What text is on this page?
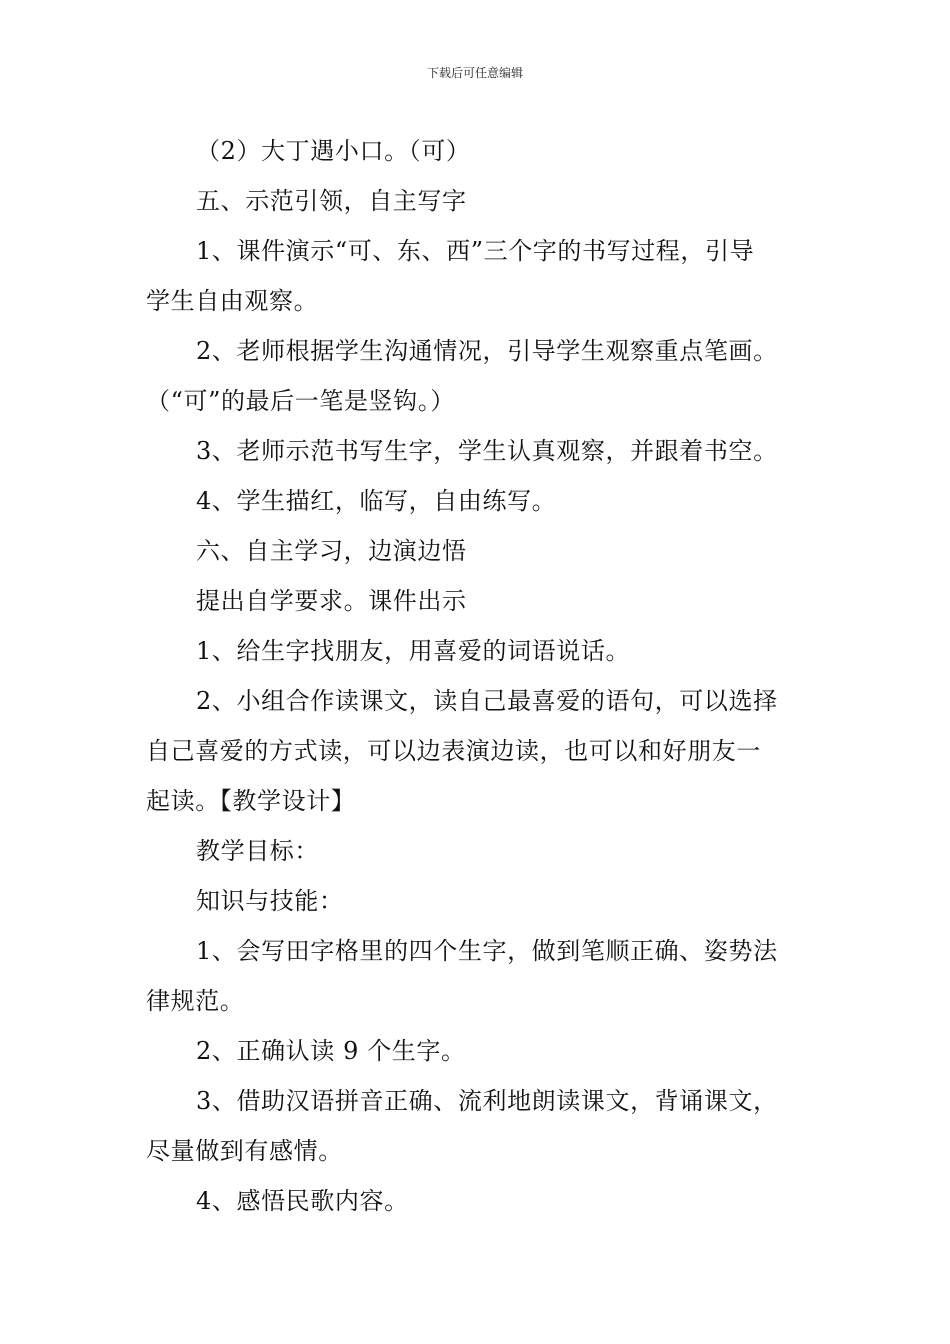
下载后可任意编辑
（2）大丁遇小口。（可）
五、示范引领，自主写字
1、课件演示“可、东、西”三个字的书写过程，引导
学生自由观察。
2、老师根据学生沟通情况，引导学生观察重点笔画。
（“可”的最后一笔是竖钩。）
3、老师示范书写生字，学生认真观察，并跟着书空。
4、学生描红，临写，自由练写。
六、自主学习，边演边悟
提出自学要求。课件出示
1、给生字找朋友，用喜爱的词语说话。
2、小组合作读课文，读自己最喜爱的语句，可以选择
自己喜爱的方式读，可以边表演边读，也可以和好朋友一
起读。【教学设计】
教学目标：
知识与技能：
1、会写田字格里的四个生字，做到笔顺正确、姿势法
律规范。
2、正确认读 9 个生字。
3、借助汉语拼音正确、流利地朗读课文，背诵课文，
尽量做到有感情。
4、感悟民歌内容。
